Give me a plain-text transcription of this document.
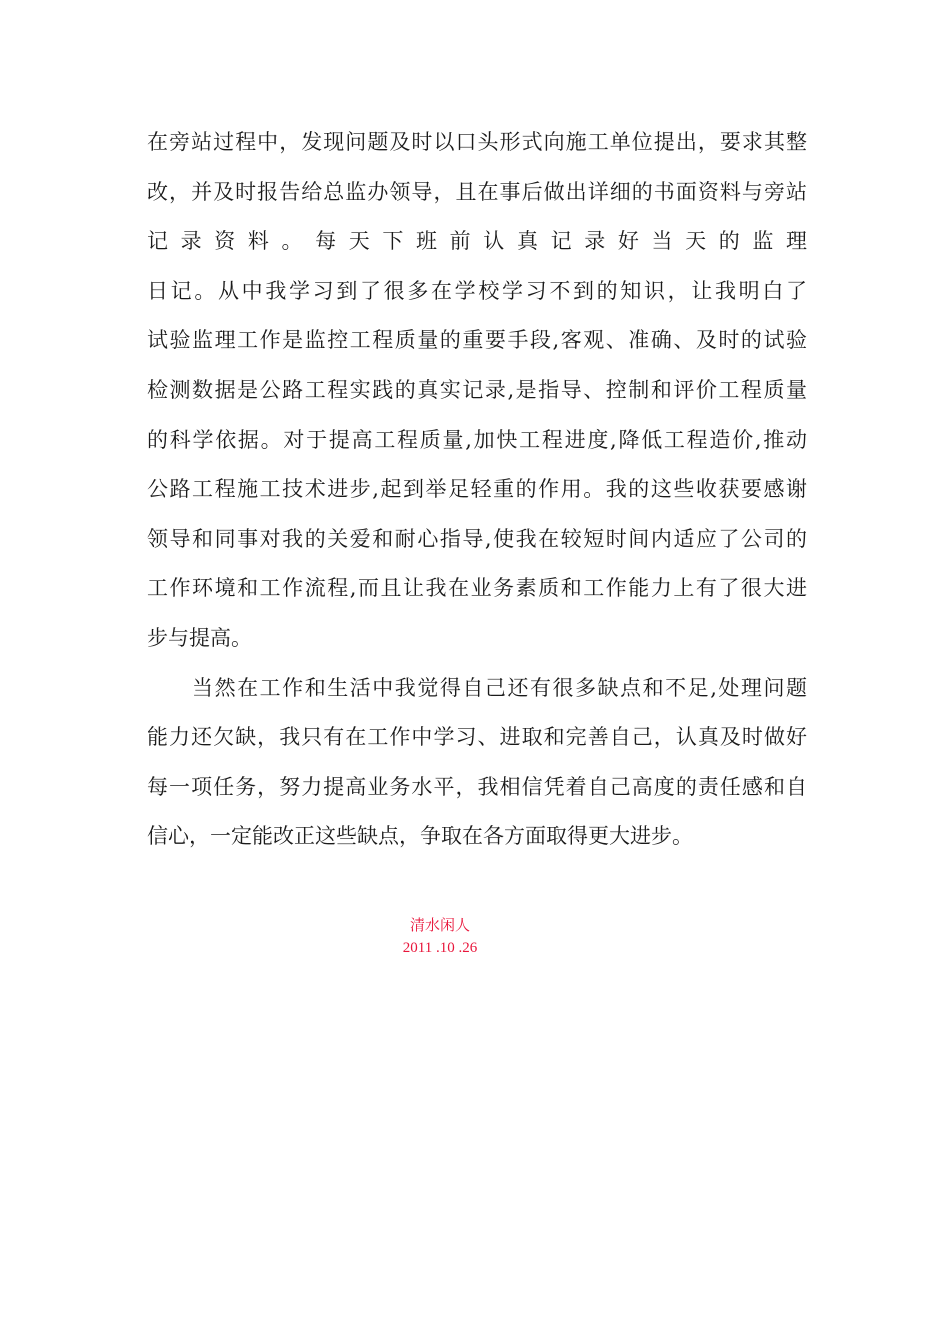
在旁站过程中，发现问题及时以口头形式向施工单位提出，要求其整
改，并及时报告给总监办领导，且在事后做出详细的书面资料与旁站
记 录 资 料 。 每 天 下 班 前 认 真 记 录 好 当 天 的 监 理
日记。从中我学习到了很多在学校学习不到的知识，让我明白了
试验监理工作是监控工程质量的重要手段,客观、准确、及时的试验
检测数据是公路工程实践的真实记录,是指导、控制和评价工程质量
的科学依据。对于提高工程质量,加快工程进度,降低工程造价,推动
公路工程施工技术进步,起到举足轻重的作用。我的这些收获要感谢
领导和同事对我的关爱和耐心指导,使我在较短时间内适应了公司的
工作环境和工作流程,而且让我在业务素质和工作能力上有了很大进
步与提高。
　　当然在工作和生活中我觉得自己还有很多缺点和不足,处理问题
能力还欠缺，我只有在工作中学习、进取和完善自己，认真及时做好
每一项任务，努力提高业务水平，我相信凭着自己高度的责任感和自
信心，一定能改正这些缺点，争取在各方面取得更大进步。
清水闲人
2011 .10 .26
